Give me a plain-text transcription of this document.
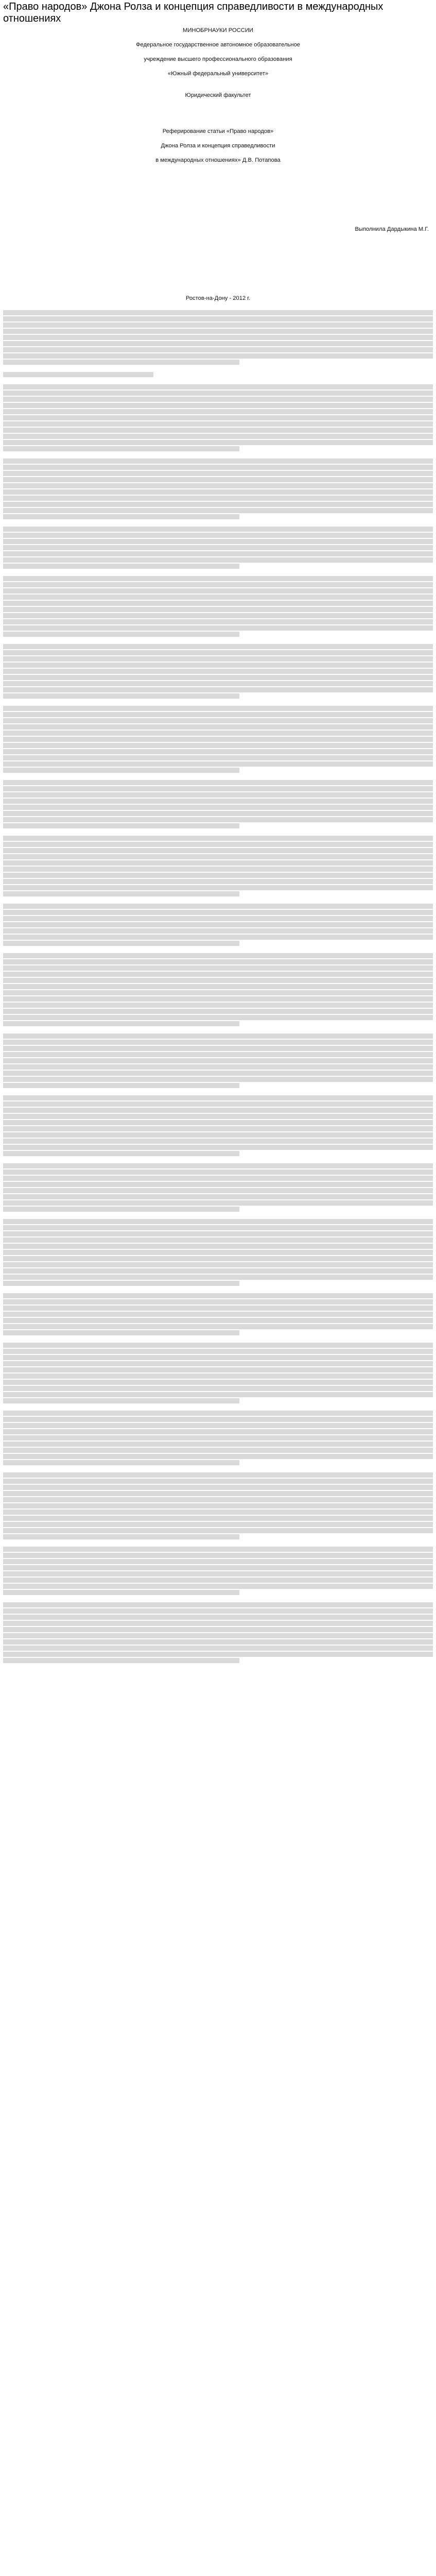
«Право народов» Джона Ролза и концепция справедливости в международных отношениях

МИНОБРНАУКИ РОССИИ

Федеральное государственное автономное образовательное

учреждение высшего профессионального образования

«Южный федеральный университет»

Юридический факультет

Реферирование статьи «Право народов»

Джона Ролза и концепция справедливости

в международных отношениях» Д.В. Потапова

Выполнила Дардыкина М.Г.

Ростов-на-Дону - 2012 г.
